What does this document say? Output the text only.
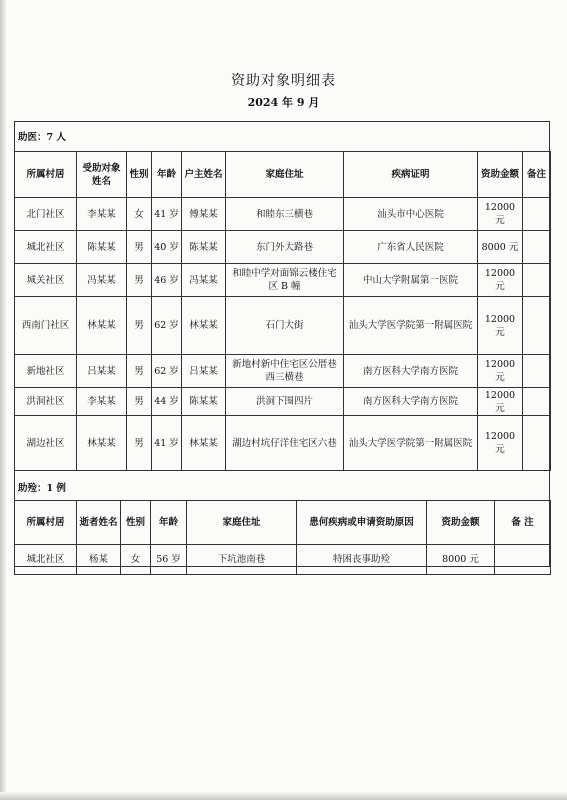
资助对象明细表
2024 年 9 月
助医：7 人
所属村居	受助对象姓名	性别	年龄	户主姓名	家庭住址	疾病证明	资助金额	备注
北门社区	李某某	女	41 岁	傅某某	和睦东三横巷	汕头市中心医院	12000 元	
城北社区	陈某某	男	40 岁	陈某某	东门外大路巷	广东省人民医院	8000 元	
城关社区	冯某某	男	46 岁	冯某某	和睦中学对面锦云楼住宅区 B 幢	中山大学附属第一医院	12000 元	
西南门社区	林某某	男	62 岁	林某某	石门大街	汕头大学医学院第一附属医院	12000 元	
新地社区	吕某某	男	62 岁	吕某某	新地村新中住宅区公厝巷西三横巷	南方医科大学南方医院	12000 元	
洪洞社区	李某某	男	44 岁	陈某某	洪洞下围四片	南方医科大学南方医院	12000 元	
湖边社区	林某某	男	41 岁	林某某	湖边村坑仔洋住宅区六巷	汕头大学医学院第一附属医院	12000 元	
助殓：1 例
所属村居	逝者姓名	性别	年龄	家庭住址	患何疾病或申请资助原因	资助金额	备 注
城北社区	杨某	女	56 岁	下坑池南巷	特困丧事助殓	8000 元	
